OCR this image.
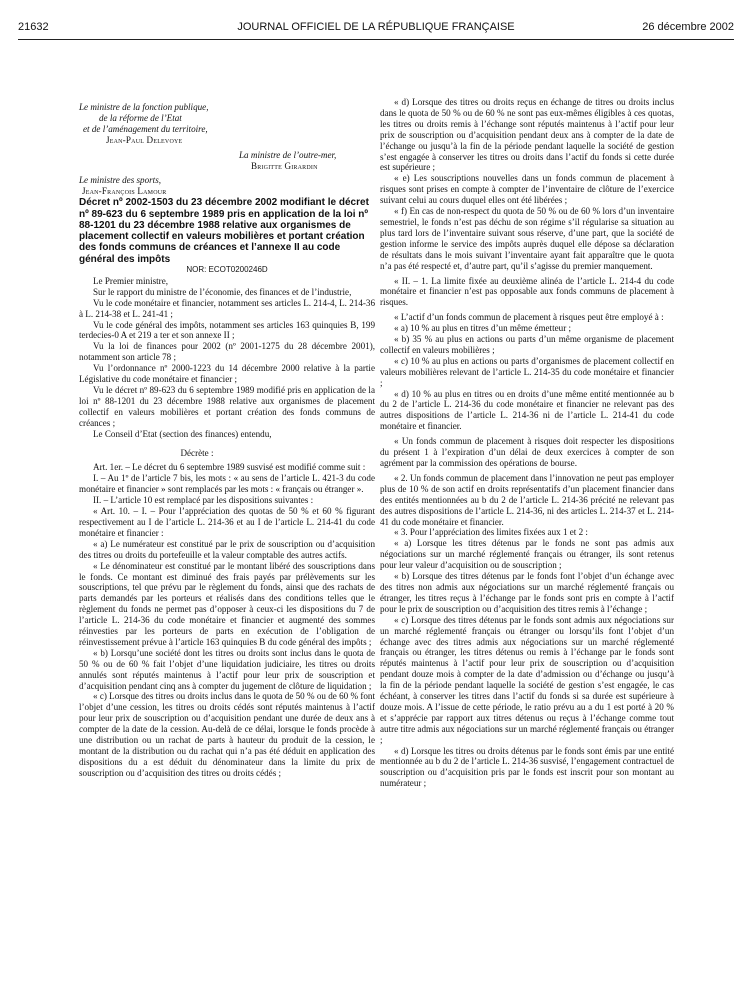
21632	JOURNAL OFFICIEL DE LA RÉPUBLIQUE FRANÇAISE	26 décembre 2002

Le ministre de la fonction publique,

de la réforme de l’Etat

et de l’aménagement du territoire,

Jean-Paul Delevoye

La ministre de l’outre-mer,

Brigitte Girardin

Le ministre des sports,

Jean-François Lamour

Décret nº 2002-1503 du 23 décembre 2002 modifiant le décret nº 89-623 du 6 septembre 1989 pris en application de la loi nº 88-1201 du 23 décembre 1988 relative aux organismes de placement collectif en valeurs mobilières et portant création des fonds communs de créances et l’annexe II au code général des impôts

NOR: ECOT0200246D

Le Premier ministre,

Sur le rapport du ministre de l’économie, des finances et de l’industrie,

Vu le code monétaire et financier, notamment ses articles L. 214-4, L. 214-36 à L. 214-38 et L. 241-41 ;

Vu le code général des impôts, notamment ses articles 163 quinquies B, 199 terdecies-0 A et 219 a ter et son annexe II ;

Vu la loi de finances pour 2002 (nº 2001-1275 du 28 décembre 2001), notamment son article 78 ;

Vu l’ordonnance nº 2000-1223 du 14 décembre 2000 relative à la partie Législative du code monétaire et financier ;

Vu le décret nº 89-623 du 6 septembre 1989 modifié pris en application de la loi nº 88-1201 du 23 décembre 1988 relative aux organismes de placement collectif en valeurs mobilières et portant création des fonds communs de créances ;

Le Conseil d’Etat (section des finances) entendu,

Décrète :

Art. 1er. – Le décret du 6 septembre 1989 susvisé est modifié comme suit :

I. – Au 1º de l’article 7 bis, les mots : « au sens de l’article L. 421-3 du code monétaire et financier » sont remplacés par les mots : « français ou étranger ».

II. – L’article 10 est remplacé par les dispositions suivantes :

« Art. 10. – I. – Pour l’appréciation des quotas de 50 % et 60 % figurant respectivement au I de l’article L. 214-36 et au I de l’article L. 214-41 du code monétaire et financier :

« a) Le numérateur est constitué par le prix de souscription ou d’acquisition des titres ou droits du portefeuille et la valeur comptable des autres actifs.

« Le dénominateur est constitué par le montant libéré des souscriptions dans le fonds. Ce montant est diminué des frais payés par prélèvements sur les souscriptions, tel que prévu par le règlement du fonds, ainsi que des rachats de parts demandés par les porteurs et réalisés dans des conditions telles que le règlement du fonds ne permet pas d’opposer à ceux-ci les dispositions du 7 de l’article L. 214-36 du code monétaire et financier et augmenté des sommes réinvesties par les porteurs de parts en exécution de l’obligation de réinvestissement prévue à l’article 163 quinquies B du code général des impôts ;

« b) Lorsqu’une société dont les titres ou droits sont inclus dans le quota de 50 % ou de 60 % fait l’objet d’une liquidation judiciaire, les titres ou droits annulés sont réputés maintenus à l’actif pour leur prix de souscription et d’acquisition pendant cinq ans à compter du jugement de clôture de liquidation ;

« c) Lorsque des titres ou droits inclus dans le quota de 50 % ou de 60 % font l’objet d’une cession, les titres ou droits cédés sont réputés maintenus à l’actif pour leur prix de souscription ou d’acquisition pendant une durée de deux ans à compter de la date de la cession. Au-delà de ce délai, lorsque le fonds procède à une distribution ou un rachat de parts à hauteur du produit de la cession, le montant de la distribution ou du rachat qui n’a pas été déduit en application des dispositions du a est déduit du dénominateur dans la limite du prix de souscription ou d’acquisition des titres ou droits cédés ;

« d) Lorsque des titres ou droits reçus en échange de titres ou droits inclus dans le quota de 50 % ou de 60 % ne sont pas eux-mêmes éligibles à ces quotas, les titres ou droits remis à l’échange sont réputés maintenus à l’actif pour leur prix de souscription ou d’acquisition pendant deux ans à compter de la date de l’échange ou jusqu’à la fin de la période pendant laquelle la société de gestion s’est engagée à conserver les titres ou droits dans l’actif du fonds si cette durée est supérieure ;

« e) Les souscriptions nouvelles dans un fonds commun de placement à risques sont prises en compte à compter de l’inventaire de clôture de l’exercice suivant celui au cours duquel elles ont été libérées ;

« f) En cas de non-respect du quota de 50 % ou de 60 % lors d’un inventaire semestriel, le fonds n’est pas déchu de son régime s’il régularise sa situation au plus tard lors de l’inventaire suivant sous réserve, d’une part, que la société de gestion informe le service des impôts auprès duquel elle dépose sa déclaration de résultats dans le mois suivant l’inventaire ayant fait apparaître que le quota n’a pas été respecté et, d’autre part, qu’il s’agisse du premier manquement.

« II. – 1. La limite fixée au deuxième alinéa de l’article L. 214-4 du code monétaire et financier n’est pas opposable aux fonds communs de placement à risques.

« L’actif d’un fonds commun de placement à risques peut être employé à :

« a) 10 % au plus en titres d’un même émetteur ;

« b) 35 % au plus en actions ou parts d’un même organisme de placement collectif en valeurs mobilières ;

« c) 10 % au plus en actions ou parts d’organismes de placement collectif en valeurs mobilières relevant de l’article L. 214-35 du code monétaire et financier ;

« d) 10 % au plus en titres ou en droits d’une même entité mentionnée au b du 2 de l’article L. 214-36 du code monétaire et financier ne relevant pas des autres dispositions de l’article L. 214-36 ni de l’article L. 214-41 du code monétaire et financier.

« Un fonds commun de placement à risques doit respecter les dispositions du présent 1 à l’expiration d’un délai de deux exercices à compter de son agrément par la commission des opérations de bourse.

« 2. Un fonds commun de placement dans l’innovation ne peut pas employer plus de 10 % de son actif en droits représentatifs d’un placement financier dans des entités mentionnées au b du 2 de l’article L. 214-36 précité ne relevant pas des autres dispositions de l’article L. 214-36, ni des articles L. 214-37 et L. 214-41 du code monétaire et financier.

« 3. Pour l’appréciation des limites fixées aux 1 et 2 :

« a) Lorsque les titres détenus par le fonds ne sont pas admis aux négociations sur un marché réglementé français ou étranger, ils sont retenus pour leur valeur d’acquisition ou de souscription ;

« b) Lorsque des titres détenus par le fonds font l’objet d’un échange avec des titres non admis aux négociations sur un marché réglementé français ou étranger, les titres reçus à l’échange par le fonds sont pris en compte à l’actif pour le prix de souscription ou d’acquisition des titres remis à l’échange ;

« c) Lorsque des titres détenus par le fonds sont admis aux négociations sur un marché réglementé français ou étranger ou lorsqu’ils font l’objet d’un échange avec des titres admis aux négociations sur un marché réglementé français ou étranger, les titres détenus ou remis à l’échange par le fonds sont réputés maintenus à l’actif pour leur prix de souscription ou d’acquisition pendant douze mois à compter de la date d’admission ou d’échange ou jusqu’à la fin de la période pendant laquelle la société de gestion s’est engagée, le cas échéant, à conserver les titres dans l’actif du fonds si sa durée est supérieure à douze mois. A l’issue de cette période, le ratio prévu au a du 1 est porté à 20 % et s’apprécie par rapport aux titres détenus ou reçus à l’échange comme tout autre titre admis aux négociations sur un marché réglementé français ou étranger ;

« d) Lorsque les titres ou droits détenus par le fonds sont émis par une entité mentionnée au b du 2 de l’article L. 214-36 susvisé, l’engagement contractuel de souscription ou d’acquisition pris par le fonds est inscrit pour son montant au numérateur ;
